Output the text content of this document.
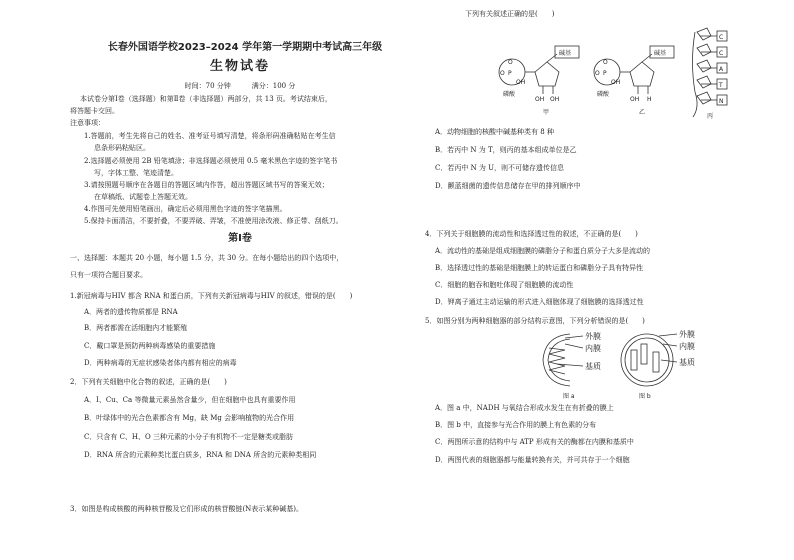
长春外国语学校2023–2024 学年第一学期期中考试高三年级
生物试卷
时间：70 分钟　　　满分：100 分
本试卷分第Ⅰ卷（选择题）和第Ⅱ卷（非选择题）两部分，共 13 页。考试结束后，
将答题卡交回。
注意事项：
1.答题前，考生先将自己的姓名、准考证号填写清楚，将条形码准确粘贴在考生信
息条形码粘贴区。
2.选择题必须使用 2B 铅笔填涂；非选择题必须使用 0.5 毫米黑色字迹的签字笔书
写，字体工整、笔迹清楚。
3.请按照题号顺序在各题目的答题区域内作答，超出答题区域书写的答案无效；
在草稿纸、试题卷上答题无效。
4.作图可先使用铅笔画出，确定后必须用黑色字迹的签字笔描黑。
5.保持卡面清洁，不要折叠，不要弄破、弄皱，不准使用涂改液、修正带、刮纸刀。
第Ⅰ卷
一、选择题：本题共 20 小题，每小题 1.5 分，共 30 分。在每小题给出的四个选项中，
只有一项符合题目要求。
1.新冠病毒与HIV 都含 RNA 和蛋白质，下列有关新冠病毒与HIV 的叙述，错误的是(　　)
A．两者的遗传物质都是 RNA
B．两者都需在活细胞内才能繁殖
C．戴口罩是预防两种病毒感染的重要措施
D．两种病毒的无症状感染者体内都有相应的病毒
2．下列有关细胞中化合物的叙述，正确的是(　　)
A．I、Cu、Ca 等微量元素虽然含量少，但在细胞中也具有重要作用
B．叶绿体中的光合色素都含有 Mg，缺 Mg 会影响植物的光合作用
C．只含有 C、H、O 三种元素的小分子有机物不一定是糖类或脂肪
D．RNA 所含的元素种类比蛋白质多，RNA 和 DNA 所含的元素种类相同
3．如图是构成核酸的两种核苷酸及它们形成的核苷酸链(N表示某种碱基)。
下列有关叙述正确的是(　　)
O
P
O
OH
碱基
OH OH
磷酸
甲
O
P
O
OH
碱基
OH H
磷酸
乙
C
C
A
T
N
丙
A．动物细胞的核酸中碱基种类有 8 种
B．若丙中 N 为 T，则丙的基本组成单位是乙
C．若丙中 N 为 U，则不可储存遗传信息
D．颤蓝细菌的遗传信息储存在甲的排列顺序中
4．下列关于细胞膜的流动性和选择透过性的叙述，不正确的是(　　)
A．流动性的基础是组成细胞膜的磷脂分子和蛋白质分子大多是流动的
B．选择透过性的基础是细胞膜上的转运蛋白和磷脂分子具有特异性
C．细胞的胞吞和胞吐体现了细胞膜的流动性
D．钾离子通过主动运输的形式进入细胞体现了细胞膜的选择透过性
5．如图分别为两种细胞器的部分结构示意图，下列分析错误的是(　　)
外膜
内膜
基质
外膜
内膜
基质
图 a	图 b
A．图 a 中，NADH 与氧结合形成水发生在有折叠的膜上
B．图 b 中，直接参与光合作用的膜上有色素的分布
C．两图所示意的结构中与 ATP 形成有关的酶都在内膜和基质中
D．两图代表的细胞器都与能量转换有关，并可共存于一个细胞
